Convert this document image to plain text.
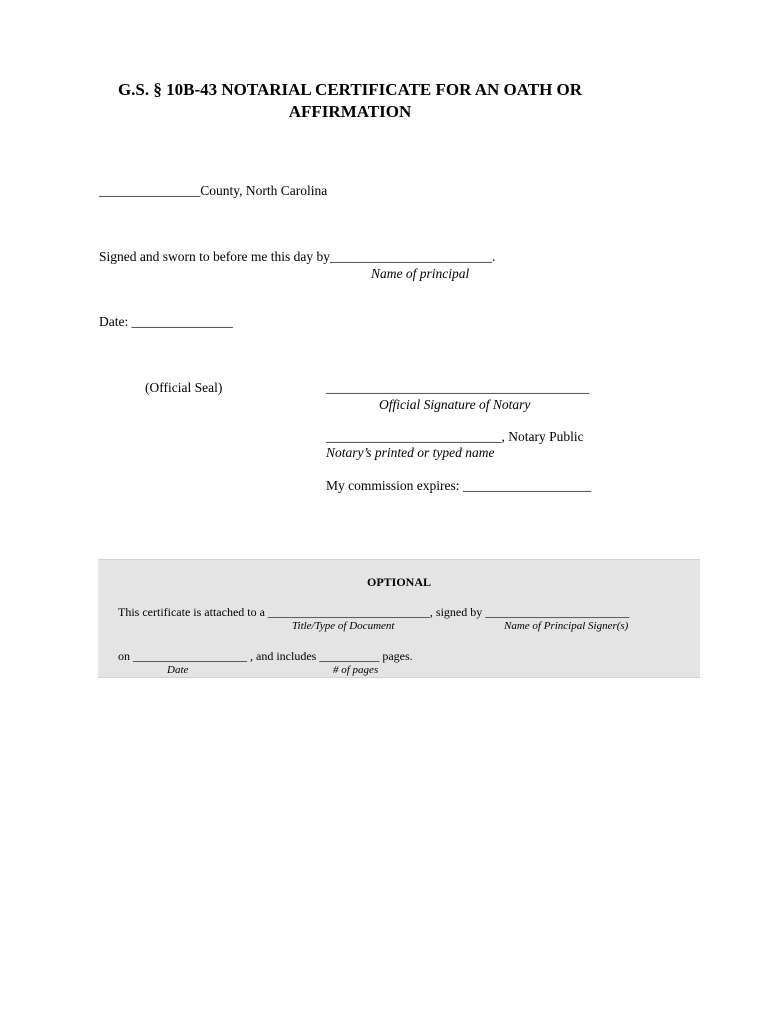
G.S. § 10B-43 NOTARIAL CERTIFICATE FOR AN OATH OR
AFFIRMATION
_______________County, North Carolina
Signed and sworn to before me this day by________________________.
Name of principal
Date: _______________
(Official Seal)	_______________________________________
Official Signature of Notary
__________________________, Notary Public
Notary’s printed or typed name
My commission expires: ___________________
OPTIONAL
This certificate is attached to a ___________________________, signed by ________________________
Title/Type of Document	Name of Principal Signer(s)
on ___________________ , and includes __________ pages.
Date	# of pages
